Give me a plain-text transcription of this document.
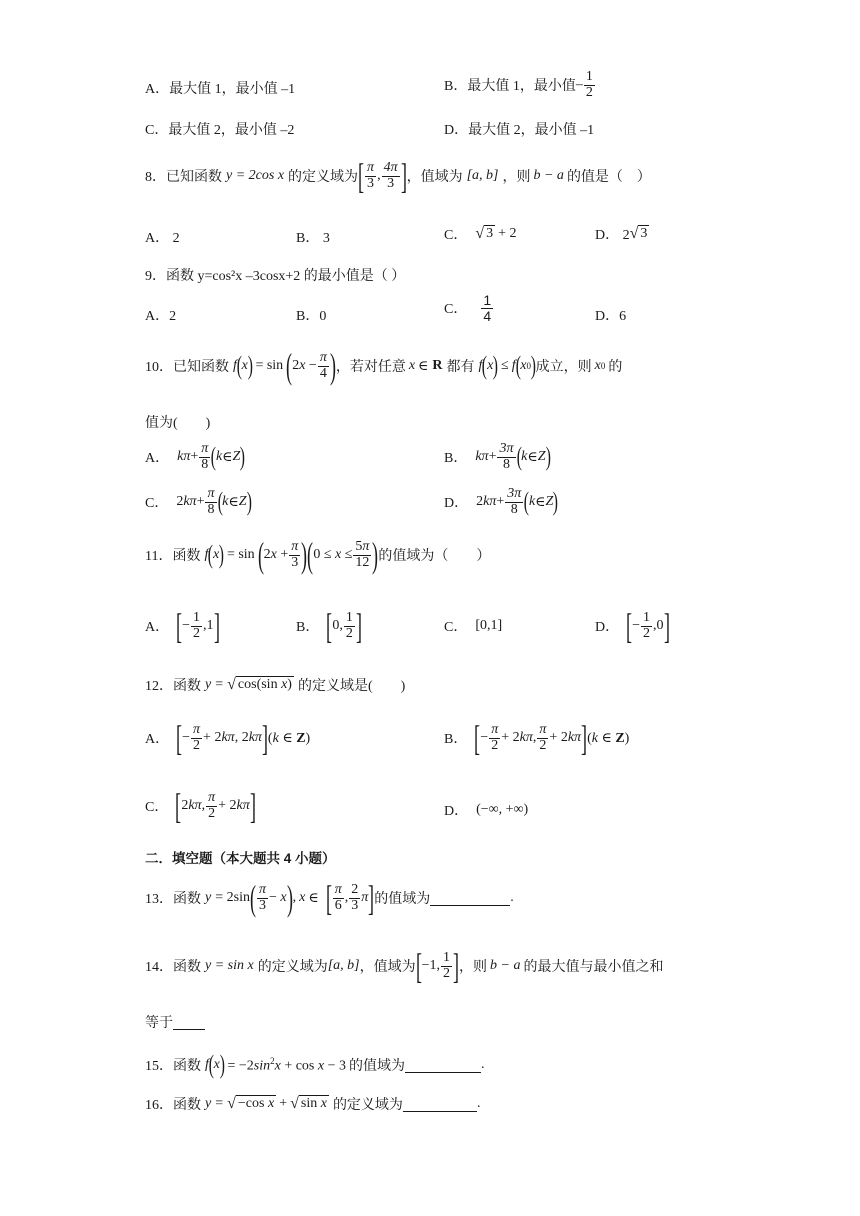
A．最大值 1，最小值 –1	B．最大值 1，最小值 – $\frac{1}{2}$
C．最大值 2，最小值 –2	D．最大值 2，最小值 –1
8．已知函数 y = 2cos x 的定义域为 [ $\frac{\pi}{3}$ , $\frac{4\pi}{3}$ ] ，值域为 [a, b] ，则 b − a 的值是（　）
A． 2	B． 3	C． √ 3 + 2	D． 2 √ 3
9．函数 y=cos²x –3cosx+2 的最小值是（ ）
A．2	B．0	C． $\frac{1}{4}$	D．6
10．已知函数 f ( x ) = sin ( $2x - \frac{\pi}{4}$ ) ，若对任意 x ∈ R 都有 f ( x ) ≤ f ( x 0 ) 成立，则 x 0 的
值为(　　)
A． $k\pi + \frac{\pi}{8}$ ( k ∈ Z )	B． $k\pi + \frac{3\pi}{8}$ ( k ∈ Z )
C． $2k\pi + \frac{\pi}{8}$ ( k ∈ Z )	D． $2k\pi + \frac{3\pi}{8}$ ( k ∈ Z )
11．函数 f ( x ) = sin ( $2x + \frac{\pi}{3}$ ) ( $0 \le x \le \frac{5\pi}{12}$ ) 的值域为（　　）
A． [ − $\frac{1}{2} ,1$ ]	B． [ 0, $\frac{1}{2}$ ]	C． [0,1]	D． [ − $\frac{1}{2} ,0$ ]
12．函数 y = √ cos(sin x) 的定义域是(　　)
A． [ − $\frac{\pi}{2} + 2k\pi$, 2kπ ] (k ∈ Z)	B． [ − $\frac{\pi}{2} + 2k\pi$, $\frac{\pi}{2} + 2k\pi$ ] (k ∈ Z)
C． [ 2kπ, $\frac{\pi}{2} + 2k\pi$ ]	D． (−∞, +∞)
二．填空题（本大题共 4 小题）
13．函数 y = 2sin ( $\frac{\pi}{3} - x$ ) , x ∈ [ $\frac{\pi}{6}$ , $\frac{2}{3}$ π ] 的值域为	.
14．函数 y = sin x 的定义域为 [a, b] ，值域为 [ −1, $\frac{1}{2}$ ] ，则 b − a 的最大值与最小值之和
等于
15．函数 f ( x ) = $-2\sin^2x + \cos x - 3$ 的值域为	.
16．函数 y = √ −cos x + √ sin x 的定义域为	.
